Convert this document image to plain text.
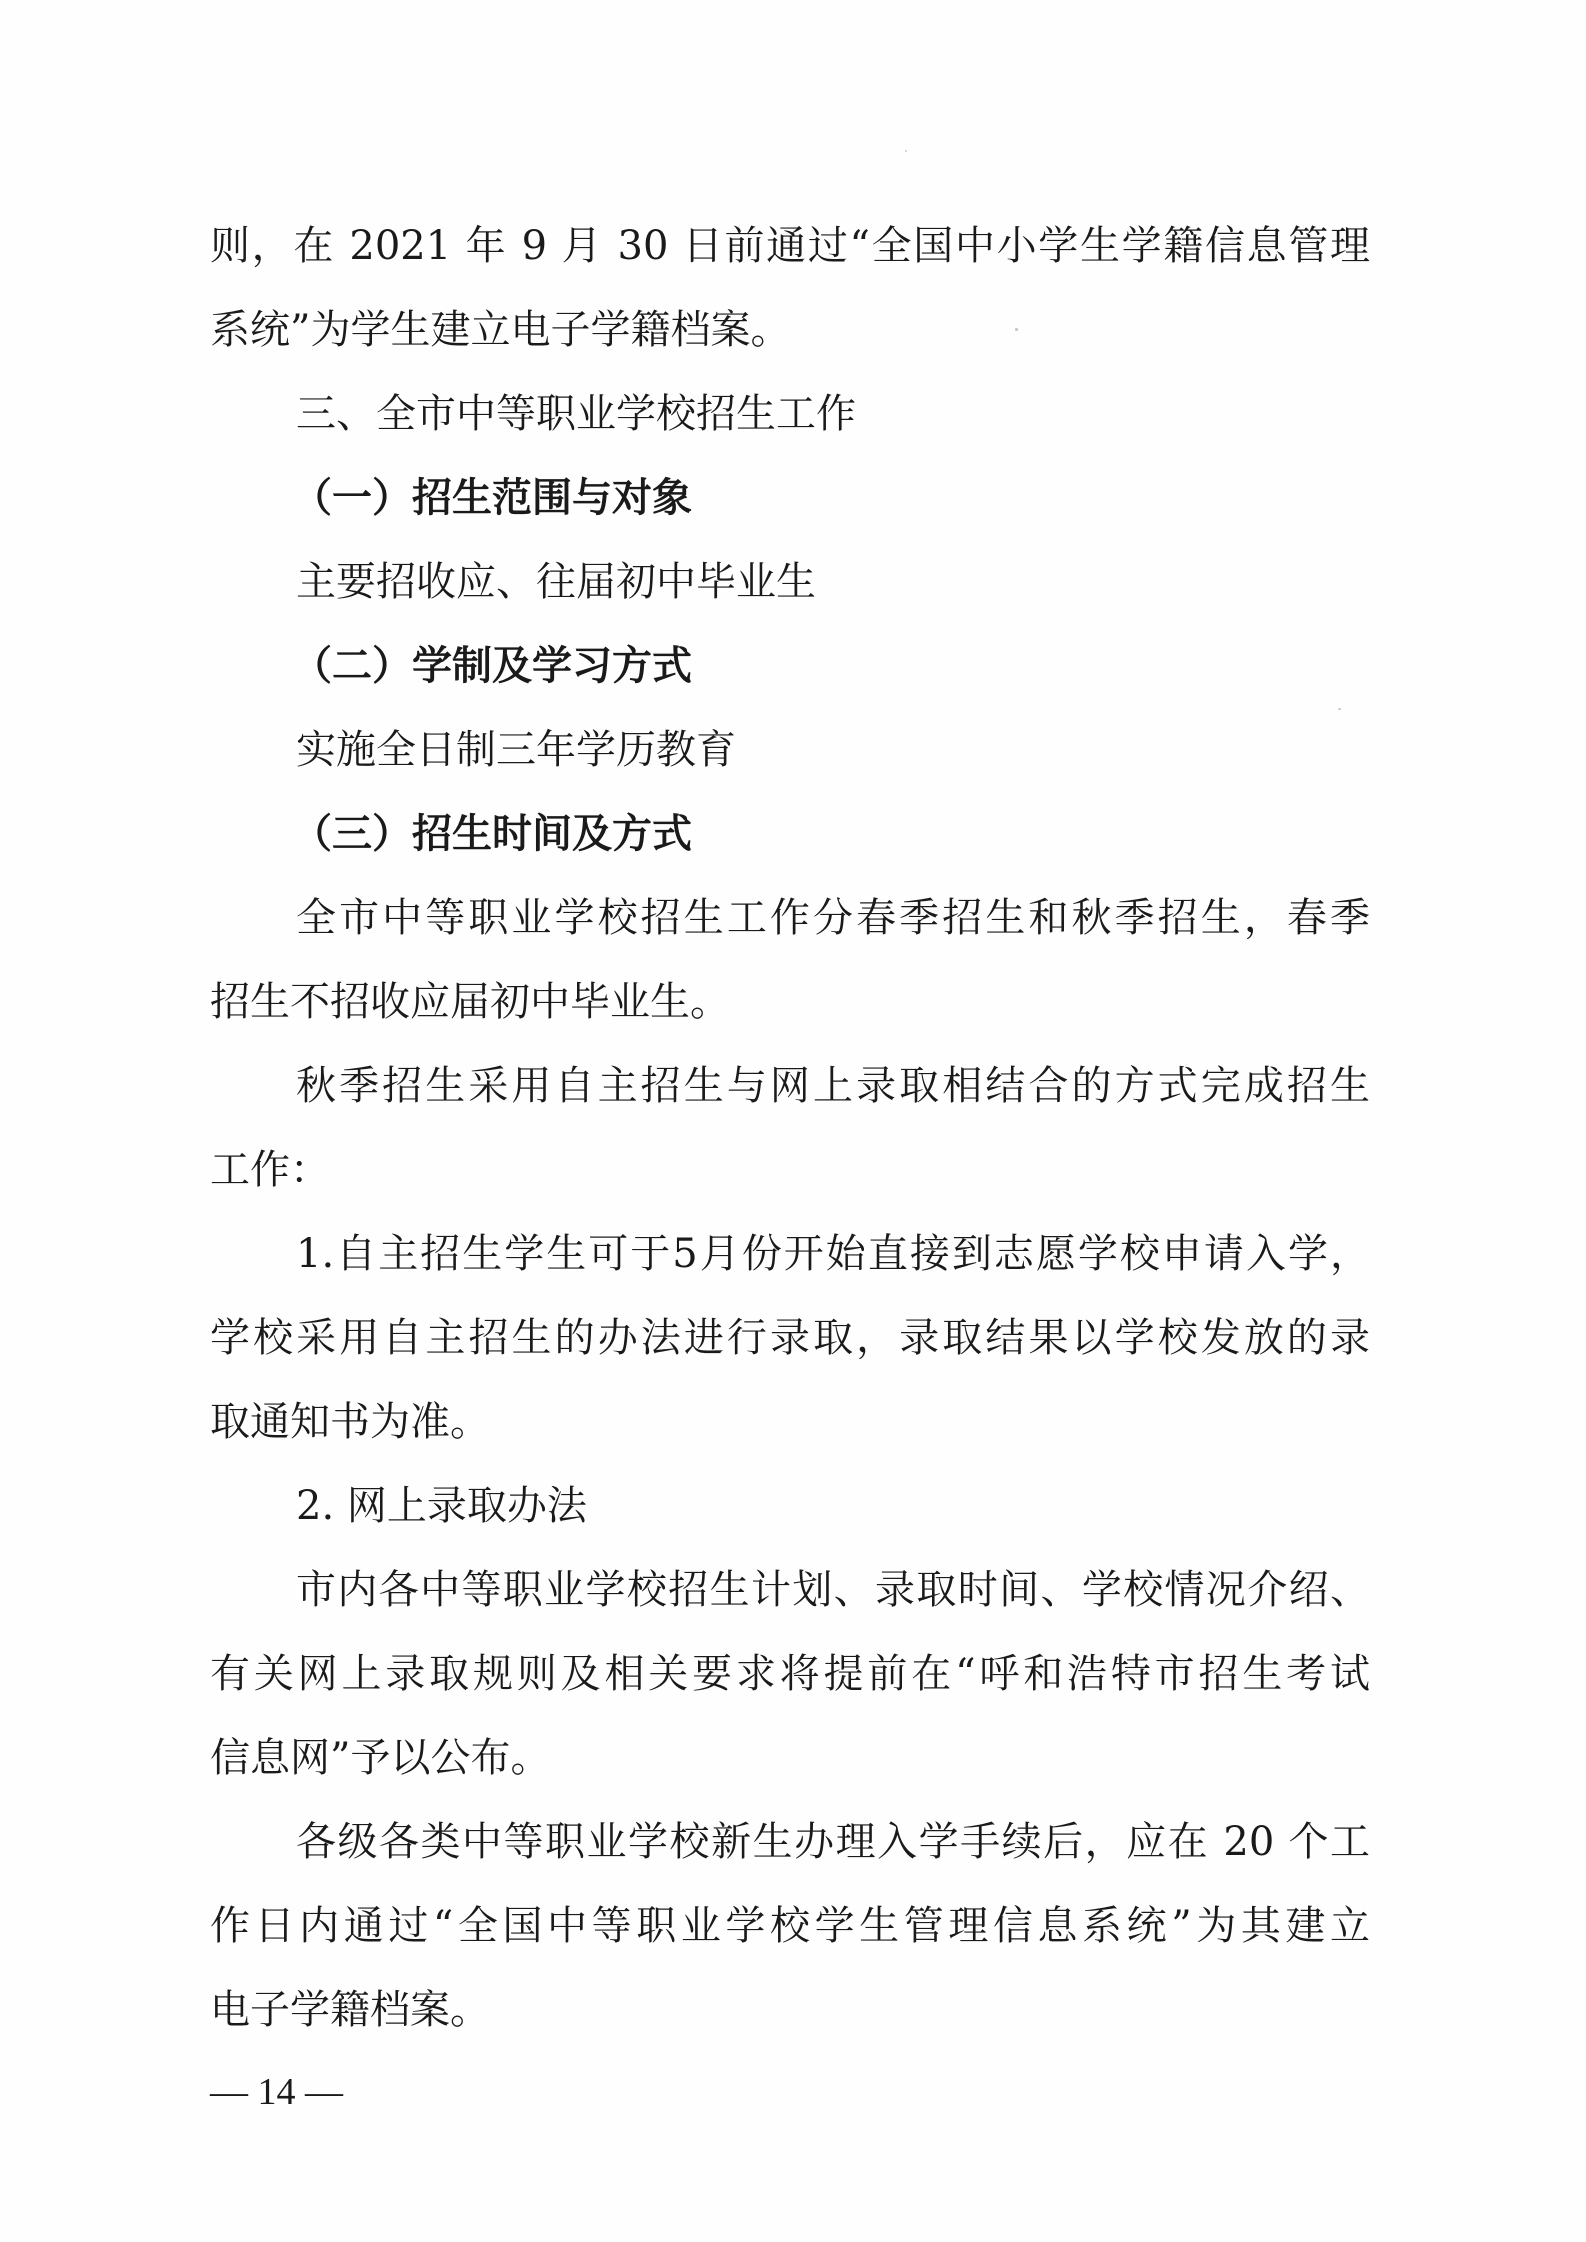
则，在 2021 年 9 月 30 日前通过“全国中小学生学籍信息管理
系统”为学生建立电子学籍档案。
三、全市中等职业学校招生工作
（一）招生范围与对象
主要招收应、往届初中毕业生
（二）学制及学习方式
实施全日制三年学历教育
（三）招生时间及方式
全市中等职业学校招生工作分春季招生和秋季招生，春季
招生不招收应届初中毕业生。
秋季招生采用自主招生与网上录取相结合的方式完成招生
工作：
1.自主招生学生可于5月份开始直接到志愿学校申请入学，
学校采用自主招生的办法进行录取，录取结果以学校发放的录
取通知书为准。
2. 网上录取办法
市内各中等职业学校招生计划、录取时间、学校情况介绍、
有关网上录取规则及相关要求将提前在“呼和浩特市招生考试
信息网”予以公布。
各级各类中等职业学校新生办理入学手续后，应在 20 个工
作日内通过“全国中等职业学校学生管理信息系统”为其建立
电子学籍档案。
— 14 —
